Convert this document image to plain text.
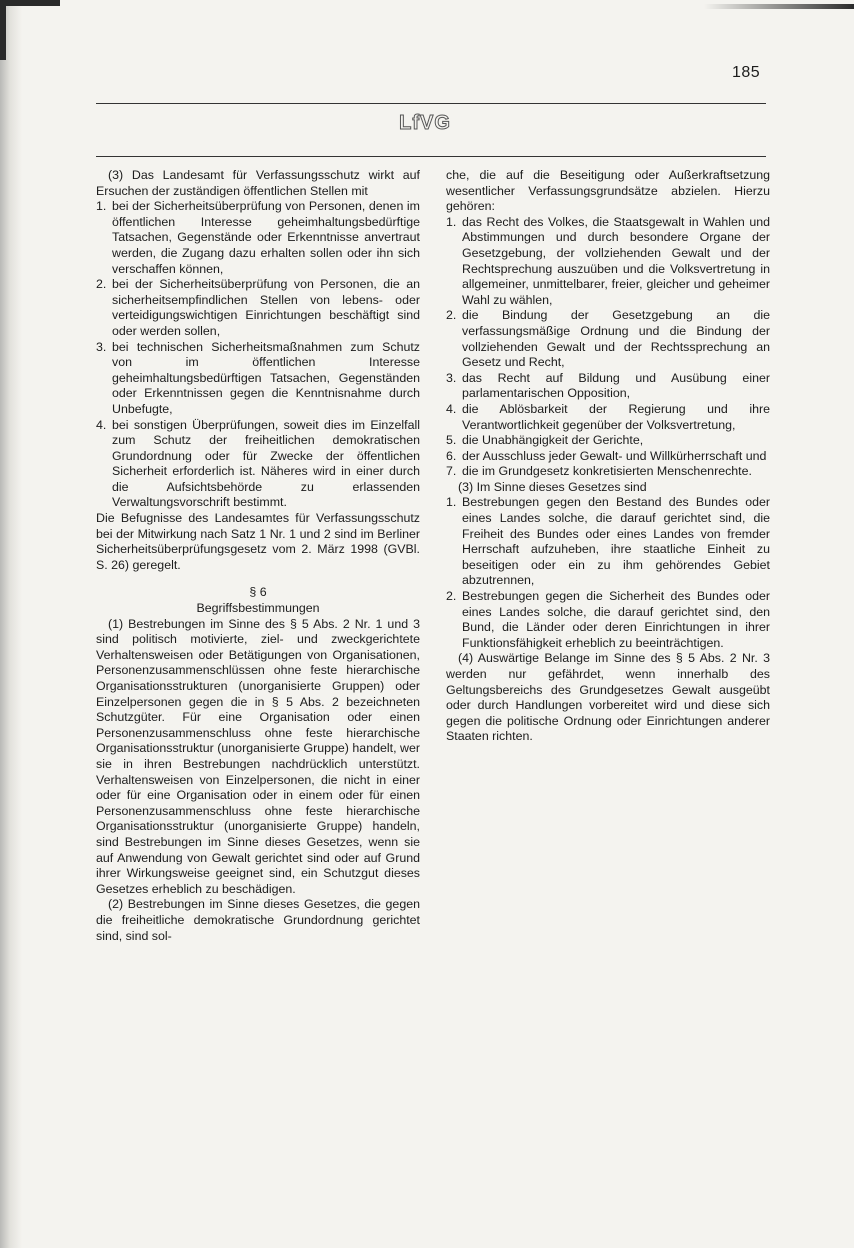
185
LfVG

(3) Das Landesamt für Verfassungsschutz wirkt auf Ersuchen der zuständigen öffentlichen Stellen mit

1. bei der Sicherheitsüberprüfung von Personen, denen im öffentlichen Interesse geheimhaltungsbedürftige Tatsachen, Gegenstände oder Erkenntnisse anvertraut werden, die Zugang dazu erhalten sollen oder ihn sich verschaffen können,
2. bei der Sicherheitsüberprüfung von Personen, die an sicherheitsempfindlichen Stellen von lebens- oder verteidigungswichtigen Einrichtungen beschäftigt sind oder werden sollen,
3. bei technischen Sicherheitsmaßnahmen zum Schutz von im öffentlichen Interesse geheimhaltungsbedürftigen Tatsachen, Gegenständen oder Erkenntnissen gegen die Kenntnisnahme durch Unbefugte,
4. bei sonstigen Überprüfungen, soweit dies im Einzelfall zum Schutz der freiheitlichen demokratischen Grundordnung oder für Zwecke der öffentlichen Sicherheit erforderlich ist. Näheres wird in einer durch die Aufsichtsbehörde zu erlassenden Verwaltungsvorschrift bestimmt.

Die Befugnisse des Landesamtes für Verfassungsschutz bei der Mitwirkung nach Satz 1 Nr. 1 und 2 sind im Berliner Sicherheitsüberprüfungsgesetz vom 2. März 1998 (GVBl. S. 26) geregelt.

§ 6

Begriffsbestimmungen

(1) Bestrebungen im Sinne des § 5 Abs. 2 Nr. 1 und 3 sind politisch motivierte, ziel- und zweckgerichtete Verhaltensweisen oder Betätigungen von Organisationen, Personenzusammenschlüssen ohne feste hierarchische Organisationsstrukturen (unorganisierte Gruppen) oder Einzelpersonen gegen die in § 5 Abs. 2 bezeichneten Schutzgüter. Für eine Organisation oder einen Personenzusammenschluss ohne feste hierarchische Organisationsstruktur (unorganisierte Gruppe) handelt, wer sie in ihren Bestrebungen nachdrücklich unterstützt. Verhaltensweisen von Einzelpersonen, die nicht in einer oder für eine Organisation oder in einem oder für einen Personenzusammenschluss ohne feste hierarchische Organisationsstruktur (unorganisierte Gruppe) handeln, sind Bestrebungen im Sinne dieses Gesetzes, wenn sie auf Anwendung von Gewalt gerichtet sind oder auf Grund ihrer Wirkungsweise geeignet sind, ein Schutzgut dieses Gesetzes erheblich zu beschädigen.

(2) Bestrebungen im Sinne dieses Gesetzes, die gegen die freiheitliche demokratische Grundordnung gerichtet sind, sind sol-

che, die auf die Beseitigung oder Außerkraftsetzung wesentlicher Verfassungsgrundsätze abzielen. Hierzu gehören:

1. das Recht des Volkes, die Staatsgewalt in Wahlen und Abstimmungen und durch besondere Organe der Gesetzgebung, der vollziehenden Gewalt und der Rechtsprechung auszuüben und die Volksvertretung in allgemeiner, unmittelbarer, freier, gleicher und geheimer Wahl zu wählen,
2. die Bindung der Gesetzgebung an die verfassungsmäßige Ordnung und die Bindung der vollziehenden Gewalt und der Rechtssprechung an Gesetz und Recht,
3. das Recht auf Bildung und Ausübung einer parlamentarischen Opposition,
4. die Ablösbarkeit der Regierung und ihre Verantwortlichkeit gegenüber der Volksvertretung,
5. die Unabhängigkeit der Gerichte,
6. der Ausschluss jeder Gewalt- und Willkürherrschaft und
7. die im Grundgesetz konkretisierten Menschenrechte.

(3) Im Sinne dieses Gesetzes sind

1. Bestrebungen gegen den Bestand des Bundes oder eines Landes solche, die darauf gerichtet sind, die Freiheit des Bundes oder eines Landes von fremder Herrschaft aufzuheben, ihre staatliche Einheit zu beseitigen oder ein zu ihm gehörendes Gebiet abzutrennen,
2. Bestrebungen gegen die Sicherheit des Bundes oder eines Landes solche, die darauf gerichtet sind, den Bund, die Länder oder deren Einrichtungen in ihrer Funktionsfähigkeit erheblich zu beeinträchtigen.

(4) Auswärtige Belange im Sinne des § 5 Abs. 2 Nr. 3 werden nur gefährdet, wenn innerhalb des Geltungsbereichs des Grundgesetzes Gewalt ausgeübt oder durch Handlungen vorbereitet wird und diese sich gegen die politische Ordnung oder Einrichtungen anderer Staaten richten.
